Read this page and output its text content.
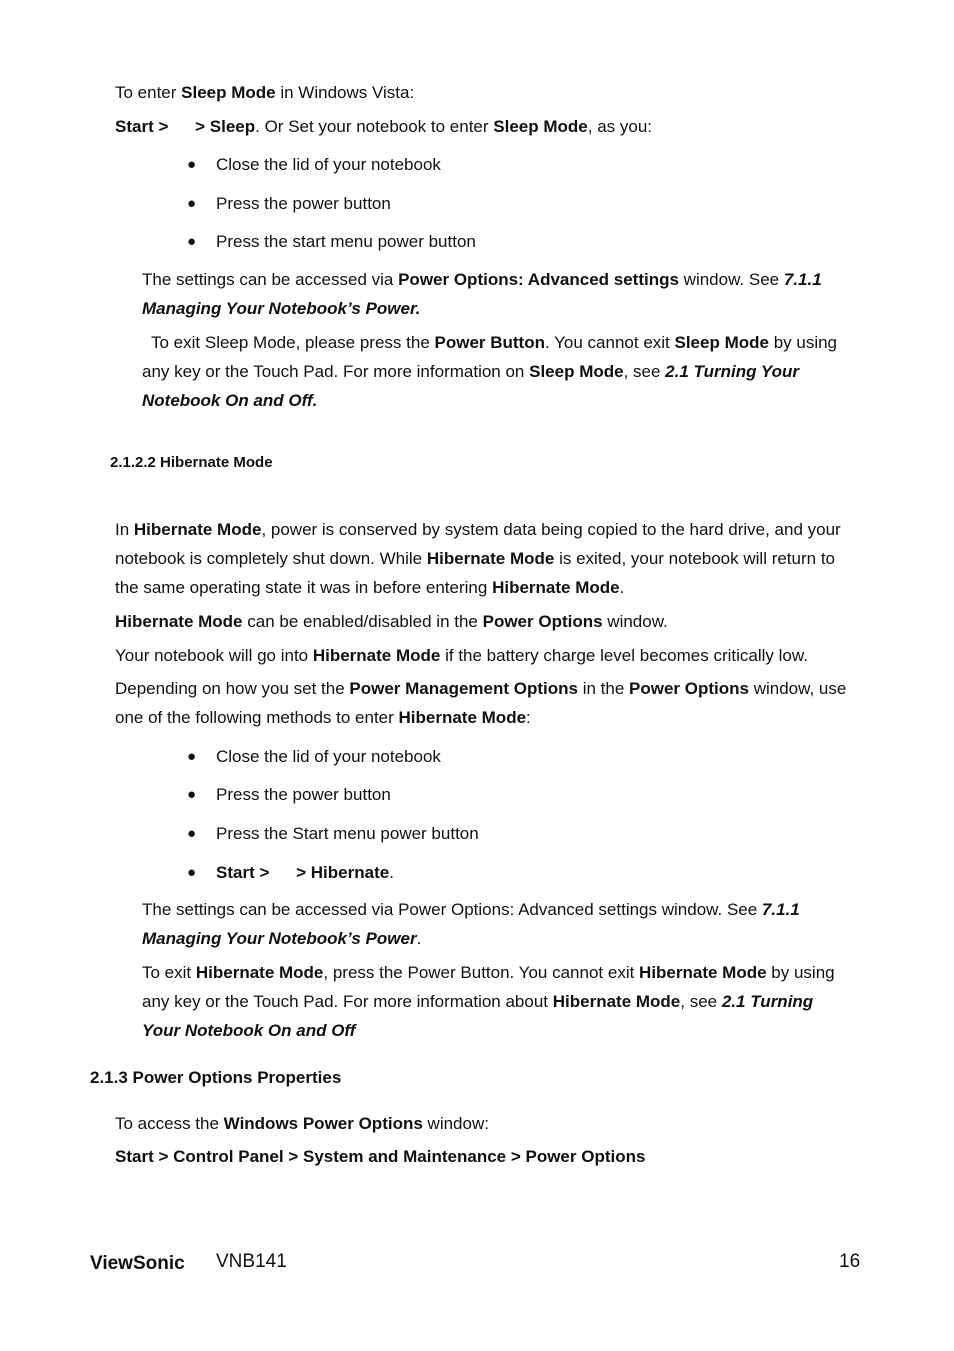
To enter Sleep Mode in Windows Vista:
Start > > Sleep. Or Set your notebook to enter Sleep Mode, as you:
● Close the lid of your notebook
● Press the power button
● Press the start menu power button
The settings can be accessed via Power Options: Advanced settings window. See 7.1.1
Managing Your Notebook’s Power.
To exit Sleep Mode, please press the Power Button. You cannot exit Sleep Mode by using
any key or the Touch Pad. For more information on Sleep Mode, see 2.1 Turning Your
Notebook On and Off.
2.1.2.2 Hibernate Mode
In Hibernate Mode, power is conserved by system data being copied to the hard drive, and your
notebook is completely shut down. While Hibernate Mode is exited, your notebook will return to
the same operating state it was in before entering Hibernate Mode.
Hibernate Mode can be enabled/disabled in the Power Options window.
Your notebook will go into Hibernate Mode if the battery charge level becomes critically low.
Depending on how you set the Power Management Options in the Power Options window, use
one of the following methods to enter Hibernate Mode:
● Close the lid of your notebook
● Press the power button
● Press the Start menu power button
● Start > > Hibernate.
The settings can be accessed via Power Options: Advanced settings window. See 7.1.1
Managing Your Notebook’s Power.
To exit Hibernate Mode, press the Power Button. You cannot exit Hibernate Mode by using
any key or the Touch Pad. For more information about Hibernate Mode, see 2.1 Turning
Your Notebook On and Off
2.1.3 Power Options Properties
To access the Windows Power Options window:
Start > Control Panel > System and Maintenance > Power Options
ViewSonic VNB141	16
